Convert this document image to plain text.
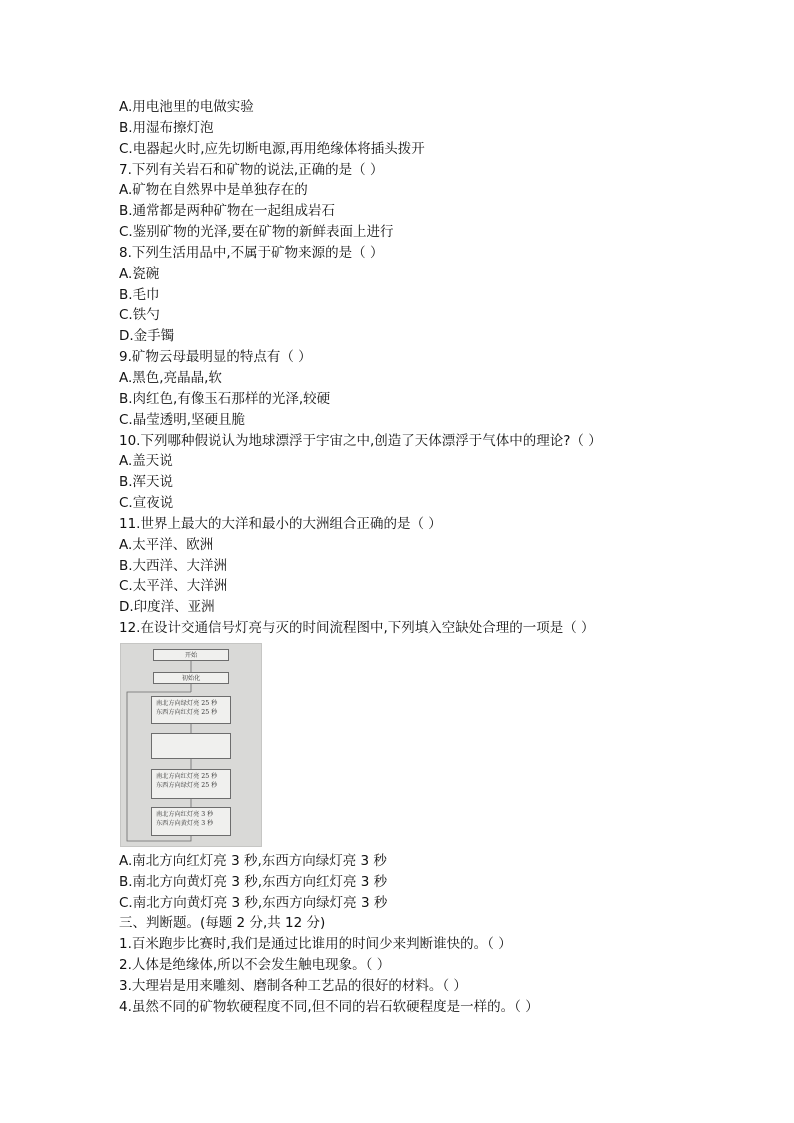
A.用电池里的电做实验
B.用湿布擦灯泡
C.电器起火时,应先切断电源,再用绝缘体将插头拨开
7.下列有关岩石和矿物的说法,正确的是（ ）
A.矿物在自然界中是单独存在的
B.通常都是两种矿物在一起组成岩石
C.鉴别矿物的光泽,要在矿物的新鲜表面上进行
8.下列生活用品中,不属于矿物来源的是（ ）
A.瓷碗
B.毛巾
C.铁勺
D.金手镯
9.矿物云母最明显的特点有（ ）
A.黑色,亮晶晶,软
B.肉红色,有像玉石那样的光泽,较硬
C.晶莹透明,坚硬且脆
10.下列哪种假说认为地球漂浮于宇宙之中,创造了天体漂浮于气体中的理论?（ ）
A.盖天说
B.浑天说
C.宣夜说
11.世界上最大的大洋和最小的大洲组合正确的是（ ）
A.太平洋、欧洲
B.大西洋、大洋洲
C.太平洋、大洋洲
D.印度洋、亚洲
12.在设计交通信号灯亮与灭的时间流程图中,下列填入空缺处合理的一项是（ ）
开始
初始化
南北方向绿灯亮 25 秒
东西方向红灯亮 25 秒
南北方向红灯亮 25 秒
东西方向绿灯亮 25 秒
南北方向红灯亮 3 秒
东西方向黄灯亮 3 秒
A.南北方向红灯亮 3 秒,东西方向绿灯亮 3 秒
B.南北方向黄灯亮 3 秒,东西方向红灯亮 3 秒
C.南北方向黄灯亮 3 秒,东西方向绿灯亮 3 秒
三、判断题。(每题 2 分,共 12 分)
1.百米跑步比赛时,我们是通过比谁用的时间少来判断谁快的。（ ）
2.人体是绝缘体,所以不会发生触电现象。（ ）
3.大理岩是用来雕刻、磨制各种工艺品的很好的材料。（ ）
4.虽然不同的矿物软硬程度不同,但不同的岩石软硬程度是一样的。（ ）
